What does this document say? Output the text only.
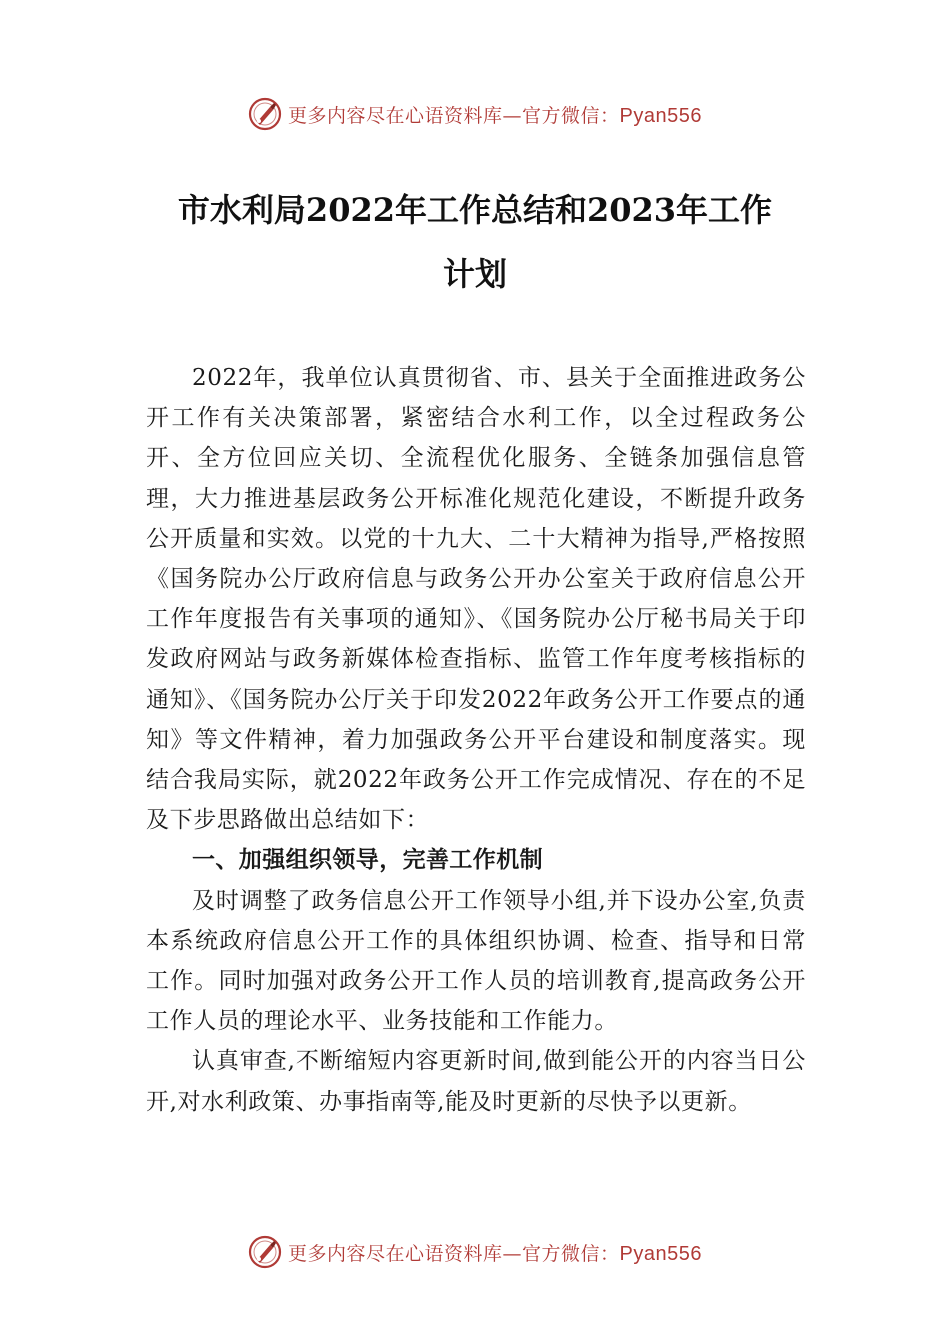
更多内容尽在心语资料库—官方微信：Pyan556
市水利局2022年工作总结和2023年工作
计划

2022年，我单位认真贯彻省、市、县关于全面推进政务公开工作有关决策部署，紧密结合水利工作，以全过程政务公开、全方位回应关切、全流程优化服务、全链条加强信息管理，大力推进基层政务公开标准化规范化建设，不断提升政务公开质量和实效。以党的十九大、二十大精神为指导,严格按照《国务院办公厅政府信息与政务公开办公室关于政府信息公开工作年度报告有关事项的通知》、《国务院办公厅秘书局关于印发政府网站与政务新媒体检查指标、监管工作年度考核指标的通知》、《国务院办公厅关于印发2022年政务公开工作要点的通知》等文件精神，着力加强政务公开平台建设和制度落实。现结合我局实际，就2022年政务公开工作完成情况、存在的不足及下步思路做出总结如下：

一、加强组织领导，完善工作机制

及时调整了政务信息公开工作领导小组,并下设办公室,负责本系统政府信息公开工作的具体组织协调、检查、指导和日常工作。同时加强对政务公开工作人员的培训教育,提高政务公开工作人员的理论水平、业务技能和工作能力。

认真审查,不断缩短内容更新时间,做到能公开的内容当日公开,对水利政策、办事指南等,能及时更新的尽快予以更新。

更多内容尽在心语资料库—官方微信：Pyan556
